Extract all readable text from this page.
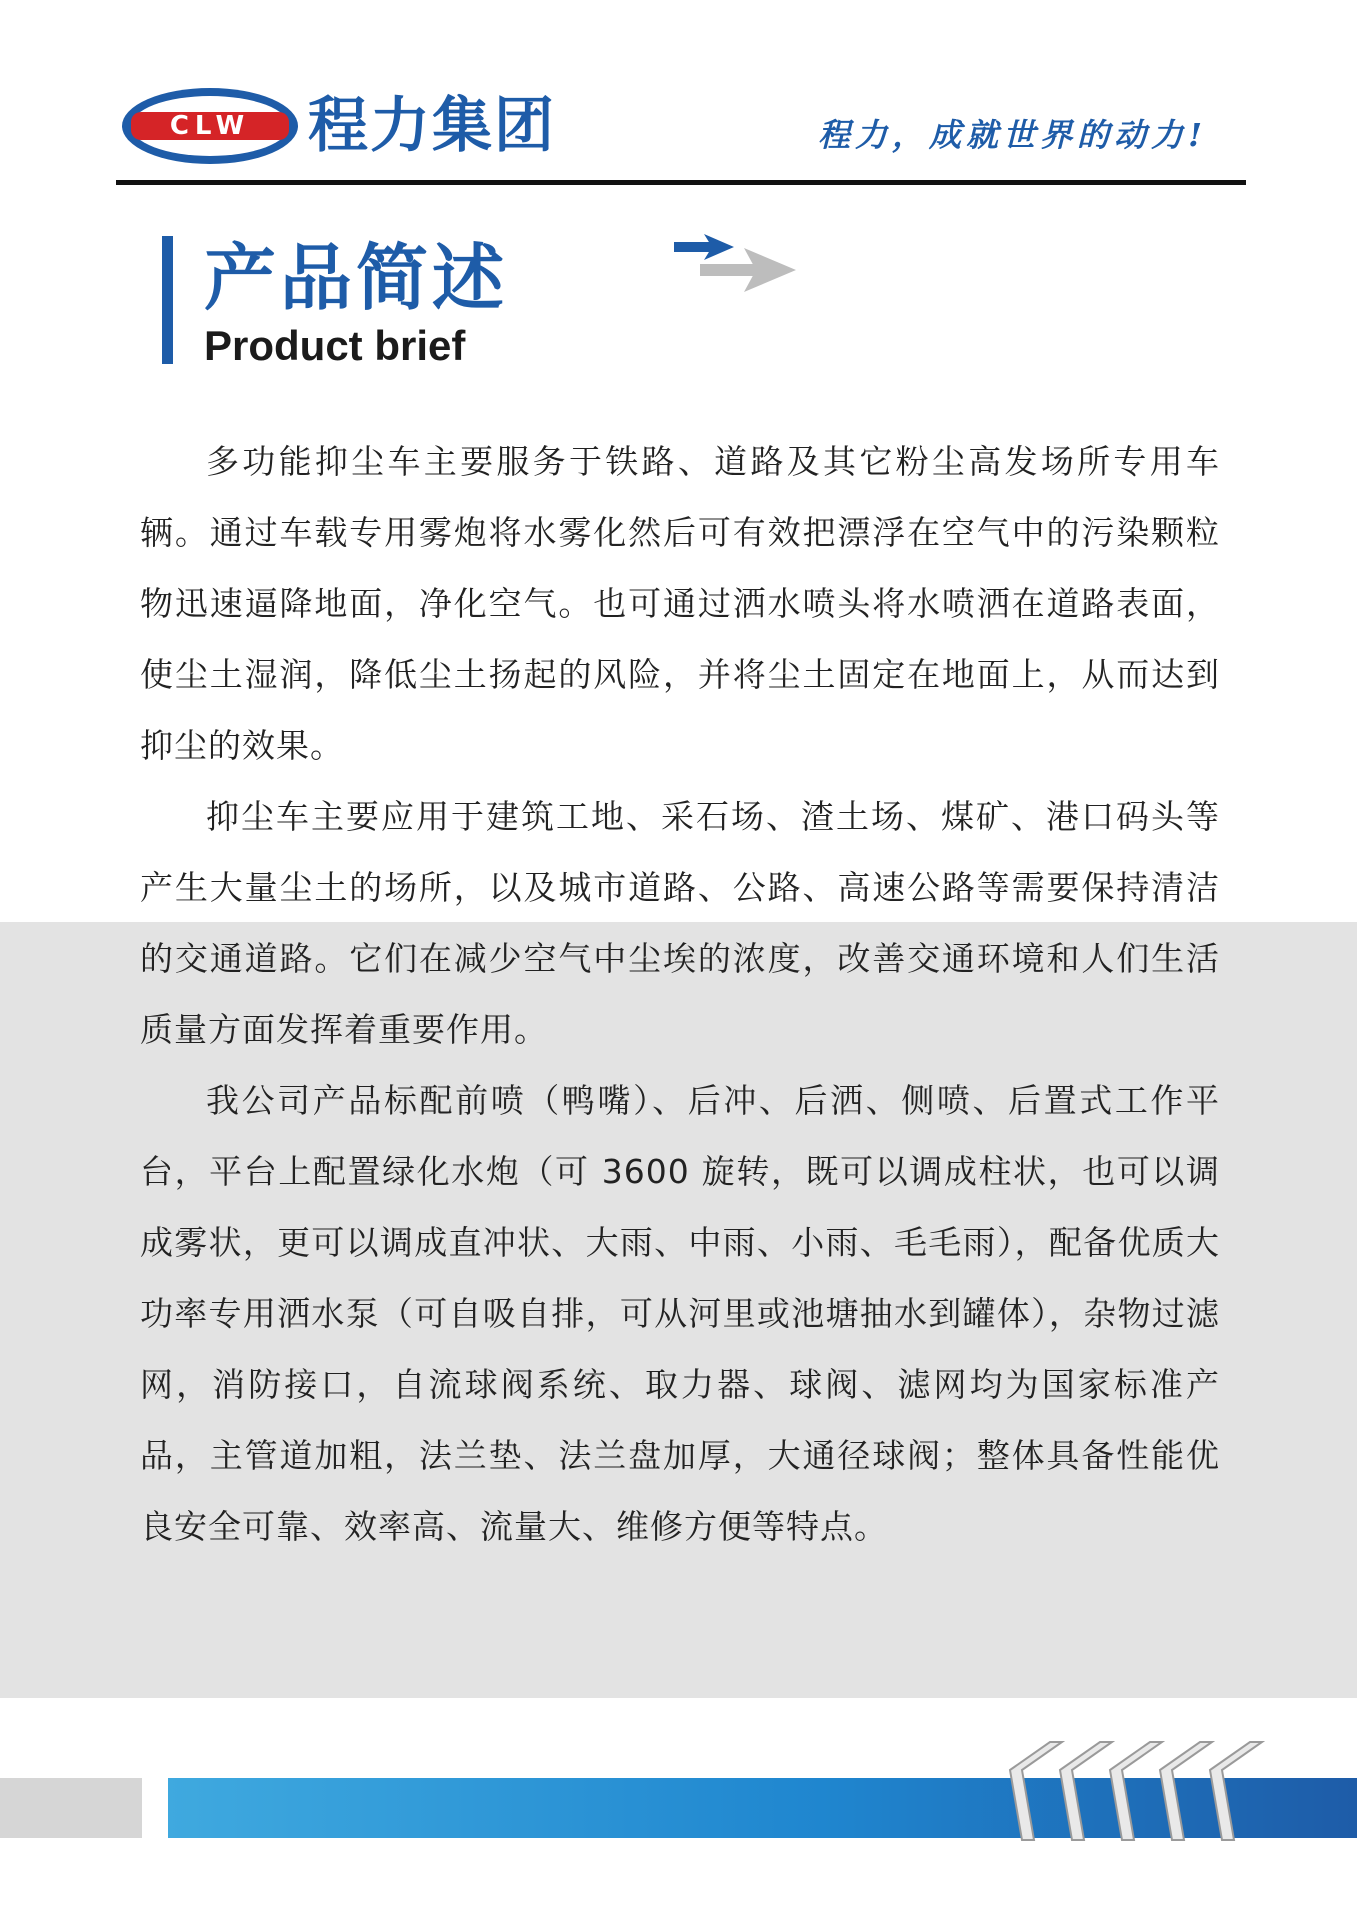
CLW 程力集团	程力，成就世界的动力!
产品简述
Product brief

多功能抑尘车主要服务于铁路、道路及其它粉尘高发场所专用车辆。通过车载专用雾炮将水雾化然后可有效把漂浮在空气中的污染颗粒物迅速逼降地面，净化空气。也可通过洒水喷头将水喷洒在道路表面，使尘土湿润，降低尘土扬起的风险，并将尘土固定在地面上，从而达到抑尘的效果。

抑尘车主要应用于建筑工地、采石场、渣土场、煤矿、港口码头等产生大量尘土的场所，以及城市道路、公路、高速公路等需要保持清洁的交通道路。它们在减少空气中尘埃的浓度，改善交通环境和人们生活质量方面发挥着重要作用。

我公司产品标配前喷（鸭嘴）、后冲、后洒、侧喷、后置式工作平台，平台上配置绿化水炮（可 3600 旋转，既可以调成柱状，也可以调成雾状，更可以调成直冲状、大雨、中雨、小雨、毛毛雨），配备优质大功率专用洒水泵（可自吸自排，可从河里或池塘抽水到罐体），杂物过滤网，消防接口，自流球阀系统、取力器、球阀、滤网均为国家标准产品，主管道加粗，法兰垫、法兰盘加厚，大通径球阀；整体具备性能优良安全可靠、效率高、流量大、维修方便等特点。
